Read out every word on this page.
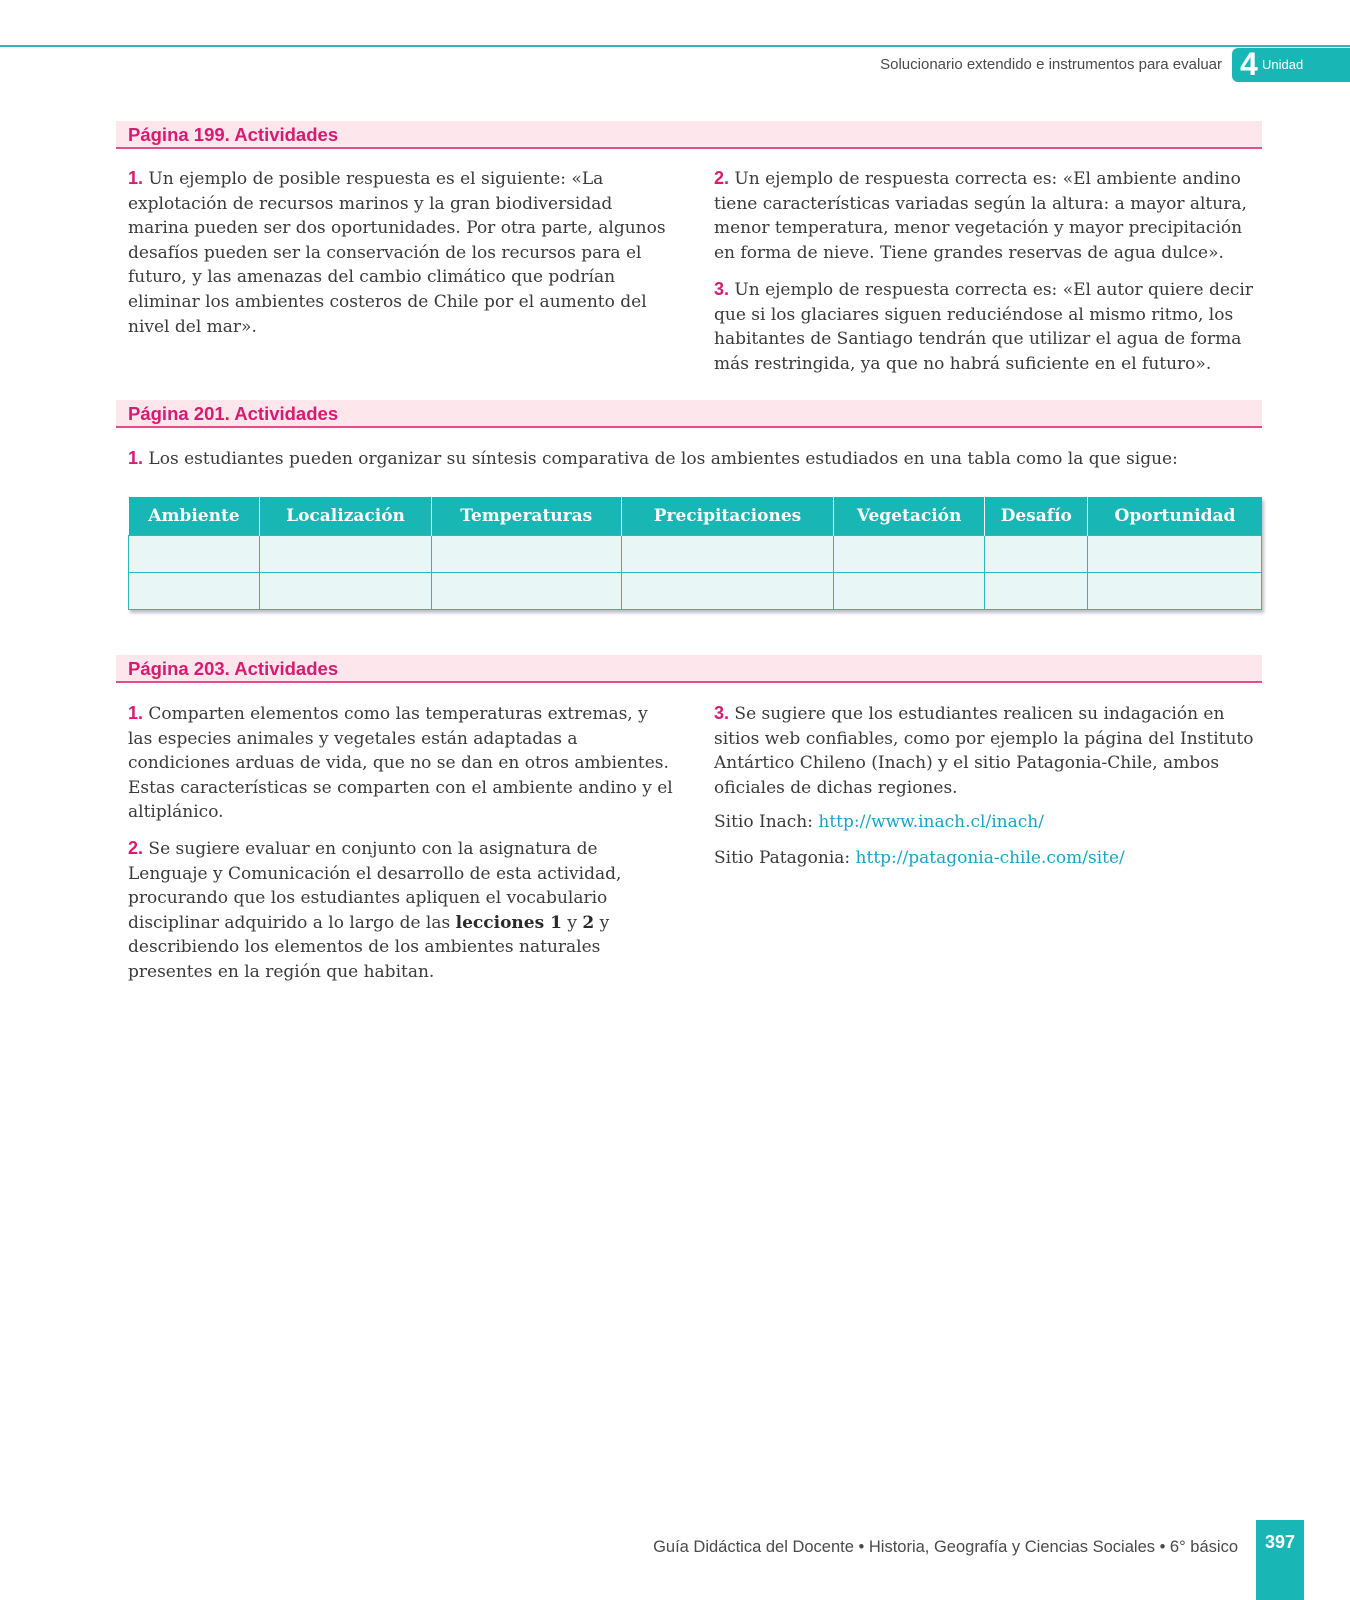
Solucionario extendido e instrumentos para evaluar 4 Unidad
Página 199. Actividades

1. Un ejemplo de posible respuesta es el siguiente: «La explotación de recursos marinos y la gran biodiversidad marina pueden ser dos oportunidades. Por otra parte, algunos desafíos pueden ser la conservación de los recursos para el futuro, y las amenazas del cambio climático que podrían eliminar los ambientes costeros de Chile por el aumento del nivel del mar».

2. Un ejemplo de respuesta correcta es: «El ambiente andino tiene características variadas según la altura: a mayor altura, menor temperatura, menor vegetación y mayor precipitación en forma de nieve. Tiene grandes reservas de agua dulce».

3. Un ejemplo de respuesta correcta es: «El autor quiere decir que si los glaciares siguen reduciéndose al mismo ritmo, los habitantes de Santiago tendrán que utilizar el agua de forma más restringida, ya que no habrá suficiente en el futuro».

Página 201. Actividades

1. Los estudiantes pueden organizar su síntesis comparativa de los ambientes estudiados en una tabla como la que sigue:

Ambiente	Localización	Temperaturas	Precipitaciones	Vegetación	Desafío	Oportunidad

Página 203. Actividades

1. Comparten elementos como las temperaturas extremas, y las especies animales y vegetales están adaptadas a condiciones arduas de vida, que no se dan en otros ambientes. Estas características se comparten con el ambiente andino y el altiplánico.

2. Se sugiere evaluar en conjunto con la asignatura de Lenguaje y Comunicación el desarrollo de esta actividad, procurando que los estudiantes apliquen el vocabulario disciplinar adquirido a lo largo de las lecciones 1 y 2 y describiendo los elementos de los ambientes naturales presentes en la región que habitan.

3. Se sugiere que los estudiantes realicen su indagación en sitios web confiables, como por ejemplo la página del Instituto Antártico Chileno (Inach) y el sitio Patagonia-Chile, ambos oficiales de dichas regiones.

Sitio Inach: http://www.inach.cl/inach/

Sitio Patagonia: http://patagonia-chile.com/site/

Guía Didáctica del Docente • Historia, Geografía y Ciencias Sociales • 6° básico	397
